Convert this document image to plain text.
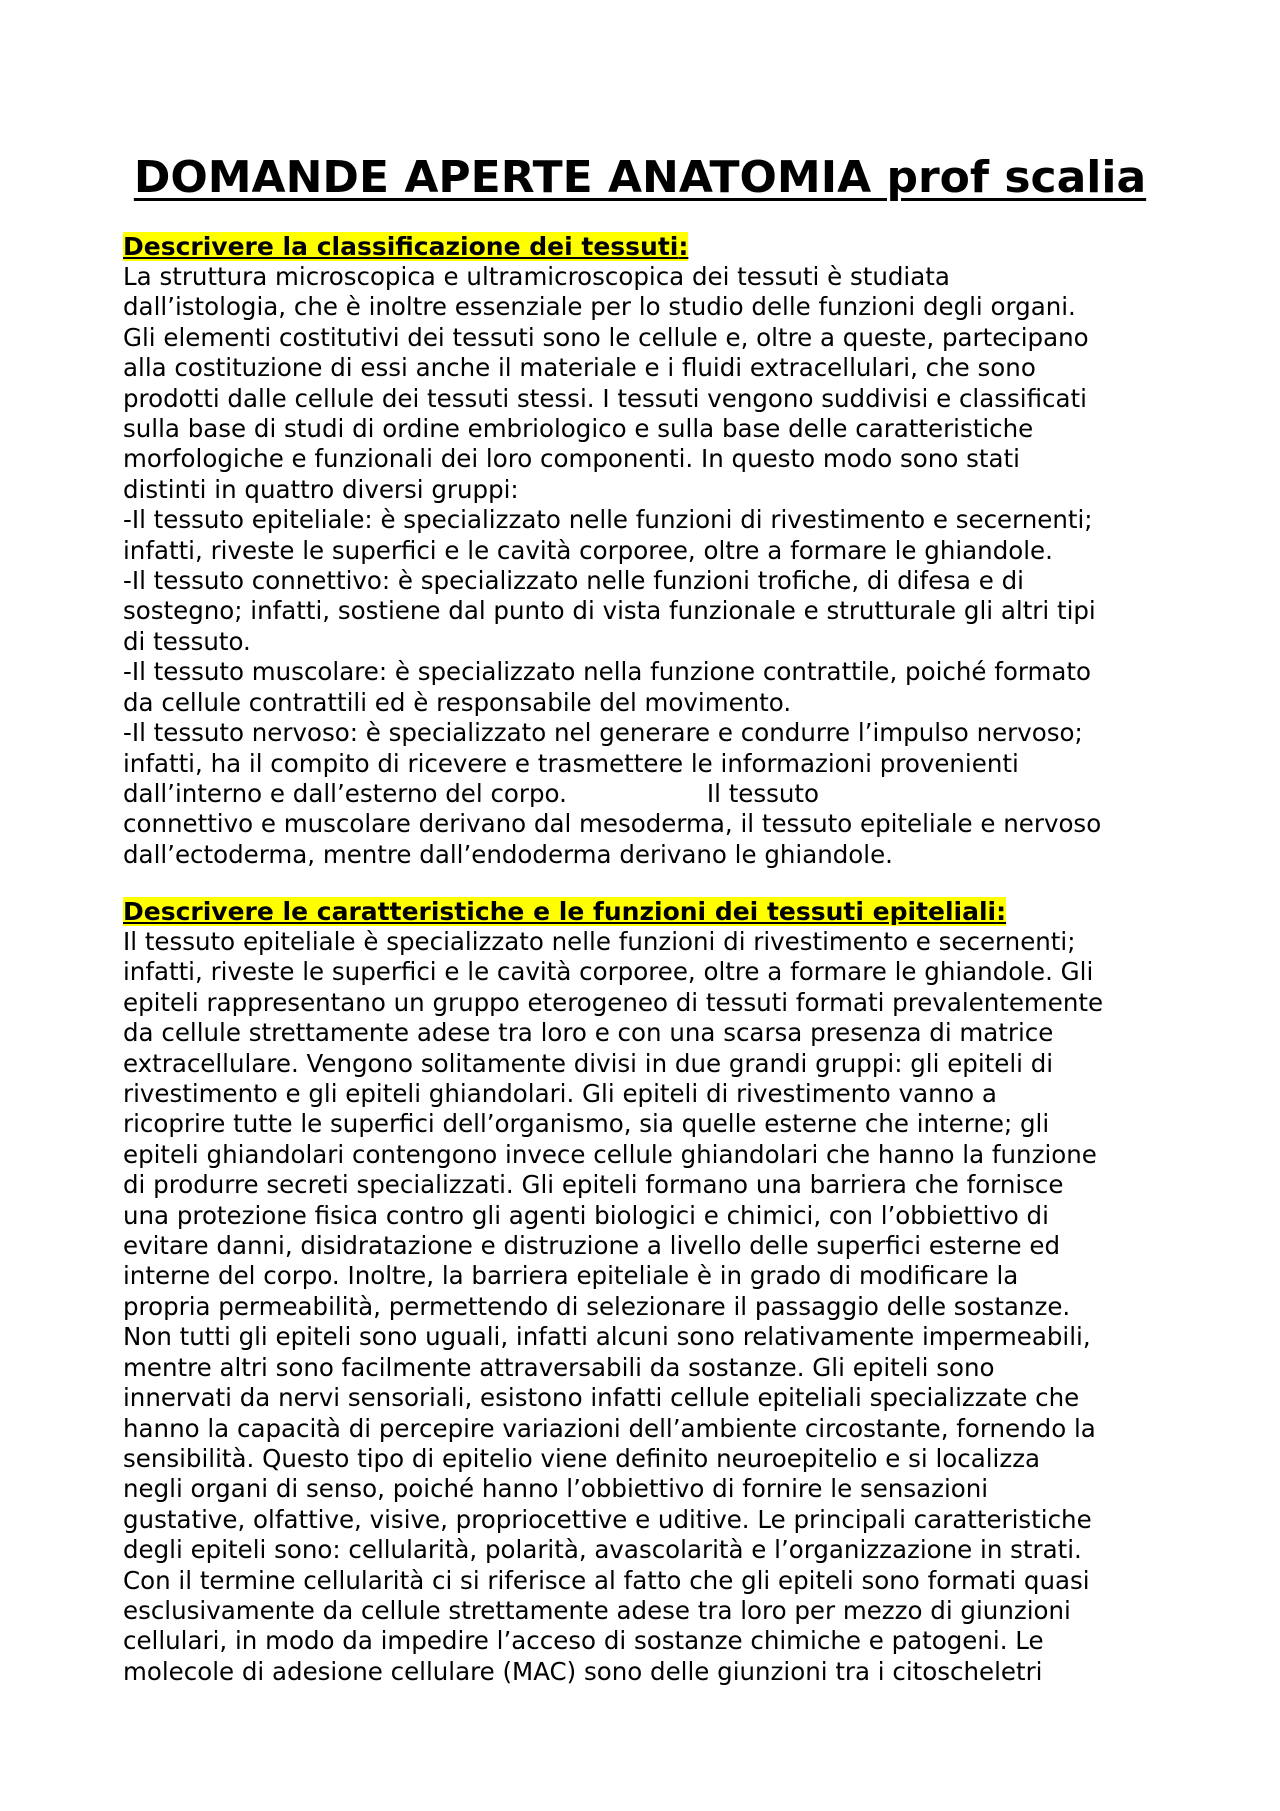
DOMANDE APERTE ANATOMIA prof scalia

Descrivere la classificazione dei tessuti:

La struttura microscopica e ultramicroscopica dei tessuti è studiata
dall’istologia, che è inoltre essenziale per lo studio delle funzioni degli organi.
Gli elementi costitutivi dei tessuti sono le cellule e, oltre a queste, partecipano
alla costituzione di essi anche il materiale e i fluidi extracellulari, che sono
prodotti dalle cellule dei tessuti stessi. I tessuti vengono suddivisi e classificati
sulla base di studi di ordine embriologico e sulla base delle caratteristiche
morfologiche e funzionali dei loro componenti. In questo modo sono stati
distinti in quattro diversi gruppi:
-Il tessuto epiteliale: è specializzato nelle funzioni di rivestimento e secernenti;
infatti, riveste le superfici e le cavità corporee, oltre a formare le ghiandole.
-Il tessuto connettivo: è specializzato nelle funzioni trofiche, di difesa e di
sostegno; infatti, sostiene dal punto di vista funzionale e strutturale gli altri tipi
di tessuto.
-Il tessuto muscolare: è specializzato nella funzione contrattile, poiché formato
da cellule contrattili ed è responsabile del movimento.
-Il tessuto nervoso: è specializzato nel generare e condurre l’impulso nervoso;
infatti, ha il compito di ricevere e trasmettere le informazioni provenienti
dall’interno e dall’esterno del corpo.	Il tessuto
connettivo e muscolare derivano dal mesoderma, il tessuto epiteliale e nervoso
dall’ectoderma, mentre dall’endoderma derivano le ghiandole.

Descrivere le caratteristiche e le funzioni dei tessuti epiteliali:

Il tessuto epiteliale è specializzato nelle funzioni di rivestimento e secernenti;
infatti, riveste le superfici e le cavità corporee, oltre a formare le ghiandole. Gli
epiteli rappresentano un gruppo eterogeneo di tessuti formati prevalentemente
da cellule strettamente adese tra loro e con una scarsa presenza di matrice
extracellulare. Vengono solitamente divisi in due grandi gruppi: gli epiteli di
rivestimento e gli epiteli ghiandolari. Gli epiteli di rivestimento vanno a
ricoprire tutte le superfici dell’organismo, sia quelle esterne che interne; gli
epiteli ghiandolari contengono invece cellule ghiandolari che hanno la funzione
di produrre secreti specializzati. Gli epiteli formano una barriera che fornisce
una protezione fisica contro gli agenti biologici e chimici, con l’obbiettivo di
evitare danni, disidratazione e distruzione a livello delle superfici esterne ed
interne del corpo. Inoltre, la barriera epiteliale è in grado di modificare la
propria permeabilità, permettendo di selezionare il passaggio delle sostanze.
Non tutti gli epiteli sono uguali, infatti alcuni sono relativamente impermeabili,
mentre altri sono facilmente attraversabili da sostanze. Gli epiteli sono
innervati da nervi sensoriali, esistono infatti cellule epiteliali specializzate che
hanno la capacità di percepire variazioni dell’ambiente circostante, fornendo la
sensibilità. Questo tipo di epitelio viene definito neuroepitelio e si localizza
negli organi di senso, poiché hanno l’obbiettivo di fornire le sensazioni
gustative, olfattive, visive, propriocettive e uditive. Le principali caratteristiche
degli epiteli sono: cellularità, polarità, avascolarità e l’organizzazione in strati.
Con il termine cellularità ci si riferisce al fatto che gli epiteli sono formati quasi
esclusivamente da cellule strettamente adese tra loro per mezzo di giunzioni
cellulari, in modo da impedire l’acceso di sostanze chimiche e patogeni. Le
molecole di adesione cellulare (MAC) sono delle giunzioni tra i citoscheletri
